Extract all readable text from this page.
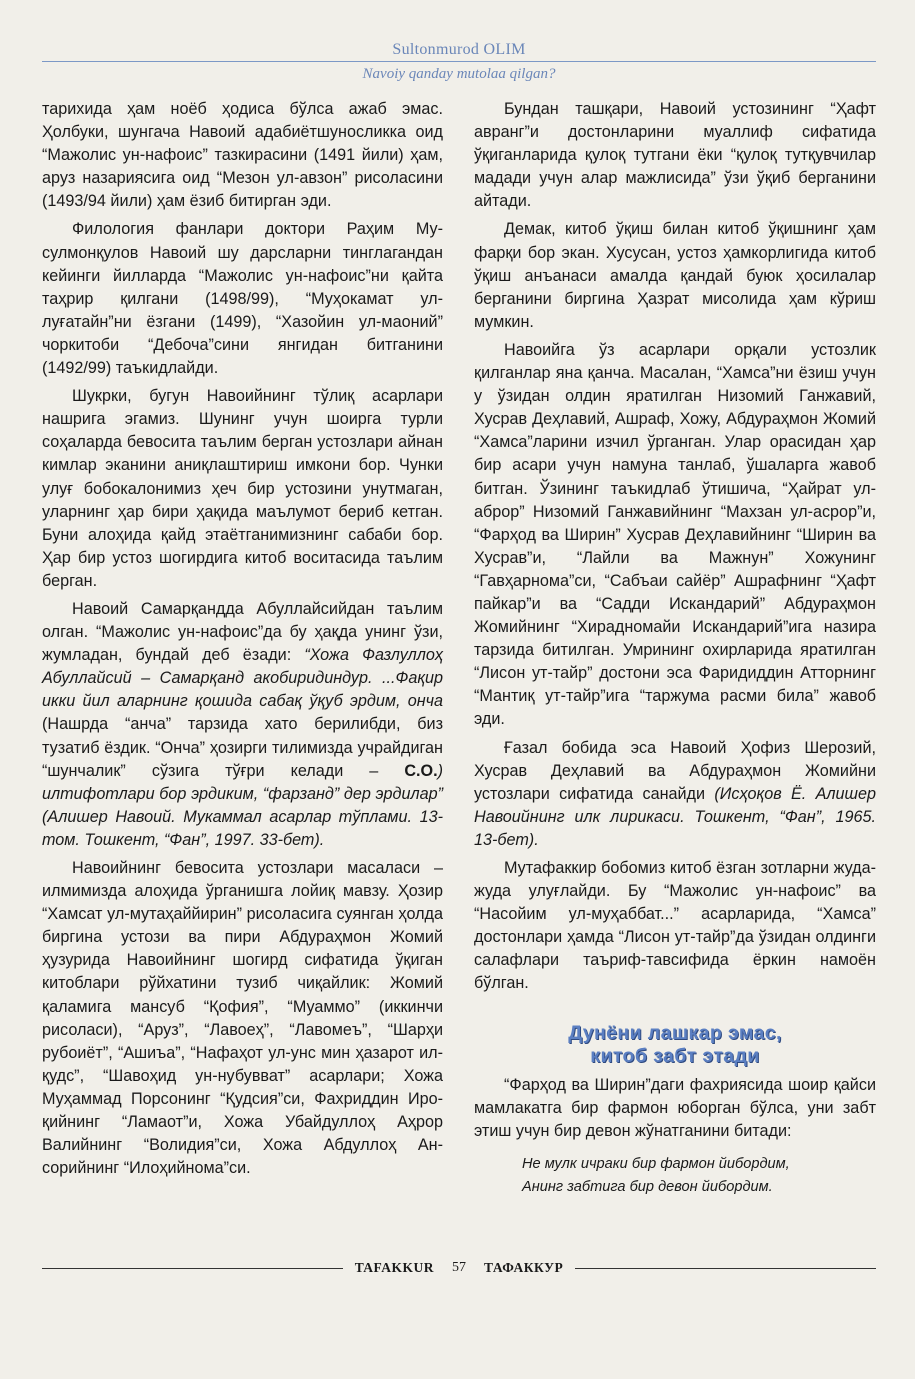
Sultonmurod OLIM
Navoiy qanday mutolaa qilgan?

тарихида ҳам ноёб ҳодиса бўлса ажаб эмас. Ҳолбуки, шунгача Навоий адабиётшуносликка оид “Мажолис ун-нафоис” тазкирасини (1491 йили) ҳам, аруз назариясига оид “Мезон ул-авзон” рисоласини (1493/94 йили) ҳам ёзиб битирган эди.

Филология фанлари доктори Раҳим Мусулмонқулов Навоий шу дарсларни тинглагандан кейинги йилларда “Мажолис ун-нафоис”ни қайта таҳрир қилгани (1498/99), “Муҳокамат ул-луғатайн”ни ёзгани (1499), “Хазойин ул-маоний” чоркитоби “Дебоча”сини янгидан битганини (1492/99) таъкидлайди.

Шукрки, бугун Навоийнинг тўлиқ асарлари нашрига эгамиз. Шунинг учун шоирга турли соҳаларда бевосита таълим берган устозлари айнан кимлар эканини аниқлаштириш имкони бор. Чунки улуғ бобокалонимиз ҳеч бир устозини унутмаган, уларнинг ҳар бири ҳақида маълумот бериб кетган. Буни алоҳида қайд этаётганимизнинг сабаби бор. Ҳар бир устоз шогирдига китоб воситасида таълим берган.

Навоий Самарқандда Абуллайсийдан таълим олган. “Мажолис ун-нафоис”да бу ҳақда унинг ўзи, жумладан, бундай деб ёзади: “Хожа Фазлуллоҳ Абуллайсий – Самарқанд акобиридиндур. ...Фақир икки йил аларнинг қошида сабақ ўқуб эрдим, онча (Нашрда “анча” тарзида хато берилибди, биз тузатиб ёздик. “Онча” ҳозирги тилимизда учрайдиган “шунчалик” сўзига тўғри келади – С.О.) илтифотлари бор эрдиким, “фарзанд” дер эрдилар” (Алишер Навоий. Мукаммал асарлар тўплами. 13-том. Тошкент, “Фан”, 1997. 33-бет).

Навоийнинг бевосита устозлари масаласи – илмимизда алоҳида ўрганишга лойиқ мавзу. Ҳозир “Хамсат ул-мутаҳаййирин” рисоласига суянган ҳолда биргина устози ва пири Абдураҳмон Жомий ҳузурида Навоийнинг шогирд сифатида ўқиган китоблари рўйхатини тузиб чиқайлик: Жомий қаламига мансуб “Қофия”, “Муаммо” (иккинчи рисоласи), “Аруз”, “Лавоеҳ”, “Лавомеъ”, “Шарҳи рубоиёт”, “Ашиъа”, “Нафаҳот ул-унс мин ҳазарот ил-қудс”, “Шавоҳид ун-нубувват” асарлари; Хожа Муҳаммад Порсонинг “Қудсия”си, Фахриддин Ироқийнинг “Ламаот”и, Хожа Убайдуллоҳ Аҳрор Валийнинг “Волидия”си, Хожа Абдуллоҳ Ансорийнинг “Илоҳийнома”си.

Бундан ташқари, Навоий устозининг “Ҳафт авранг”и достонларини муаллиф сифатида ўқиганларида қулоқ тутгани ёки “қулоқ тутқувчилар мадади учун алар мажлисида” ўзи ўқиб берганини айтади.

Демак, китоб ўқиш билан китоб ўқишнинг ҳам фарқи бор экан. Хусусан, устоз ҳамкорлигида китоб ўқиш анъанаси амалда қандай буюк ҳосилалар берганини биргина Ҳазрат мисолида ҳам кўриш мумкин.

Навоийга ўз асарлари орқали устозлик қилганлар яна қанча. Масалан, “Хамса”ни ёзиш учун у ўзидан олдин яратилган Низомий Ганжавий, Хусрав Деҳлавий, Ашраф, Хожу, Абдураҳмон Жомий “Хамса”ларини изчил ўрганган. Улар орасидан ҳар бир асари учун намуна танлаб, ўшаларга жавоб битган. Ўзининг таъкидлаб ўтишича, “Ҳайрат ул-аброр” Низомий Ганжавийнинг “Махзан ул-асрор”и, “Фарҳод ва Ширин” Хусрав Деҳлавийнинг “Ширин ва Хусрав”и, “Лайли ва Мажнун” Хожунинг “Гавҳарнома”си, “Сабъаи сайёр” Ашрафнинг “Ҳафт пайкар”и ва “Садди Искандарий” Абдураҳмон Жомийнинг “Хирадномайи Искандарий”ига назира тарзида битилган. Умрининг охирларида яратилган “Лисон ут-тайр” достони эса Фаридиддин Атторнинг “Мантиқ ут-тайр”ига “таржума расми била” жавоб эди.

Ғазал бобида эса Навоий Ҳофиз Шерозий, Хусрав Деҳлавий ва Абдураҳмон Жомийни устозлари сифатида санайди (Исҳоқов Ё. Алишер Навоийнинг илк лирикаси. Тошкент, “Фан”, 1965. 13-бет).

Мутафаккир бобомиз китоб ёзган зотларни жуда-жуда улуғлайди. Бу “Мажолис ун-нафоис” ва “Насойим ул-муҳаббат...” асарларида, “Хамса” достонлари ҳамда “Лисон ут-тайр”да ўзидан олдинги салафлари таъриф-тавсифида ёркин намоён бўлган.

Дунёни лашкар эмас,
китоб забт этади

“Фарҳод ва Ширин”даги фахриясида шоир қайси мамлакатга бир фармон юборган бўлса, уни забт этиш учун бир девон жўнатганини битади:

Не мулк ичраки бир фармон йибордим,
Анинг забтига бир девон йибордим.
TAFAKKUR	57	ТАФАККУР
